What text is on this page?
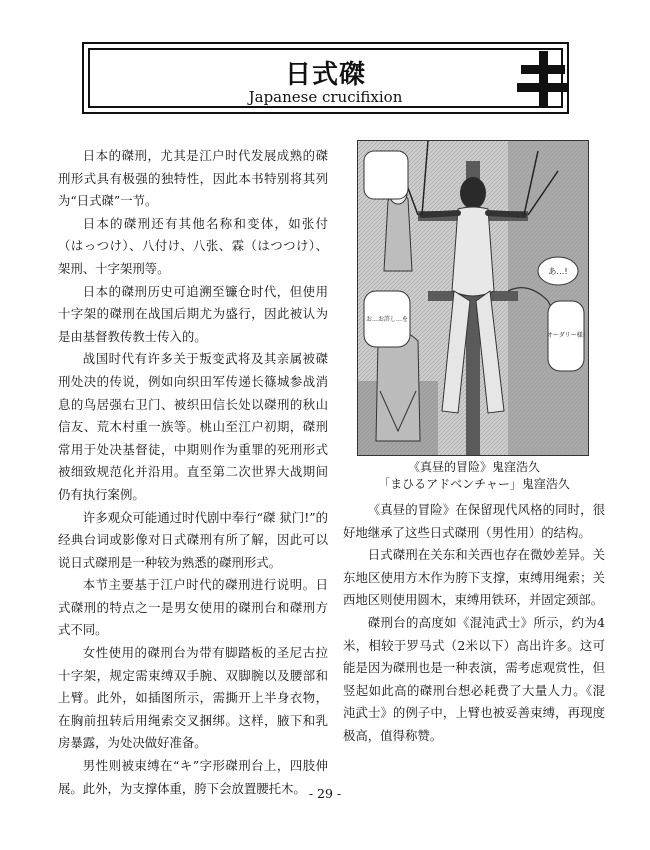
日式磔
Japanese crucifixion

日本的磔刑，尤其是江户时代发展成熟的磔刑形式具有极强的独特性，因此本书特别将其列为“日式磔”一节。

日本的磔刑还有其他名称和变体，如张付（はっつけ）、八付け、八张、霖（はつつけ）、架刑、十字架刑等。

日本的磔刑历史可追溯至镰仓时代，但使用十字架的磔刑在战国后期尤为盛行，因此被认为是由基督教传教士传入的。

战国时代有许多关于叛变武将及其亲属被磔刑处决的传说，例如向织田军传递长篠城参战消息的鸟居强右卫门、被织田信长处以磔刑的秋山信友、荒木村重一族等。桃山至江户初期，磔刑常用于处决基督徒，中期则作为重罪的死刑形式被细致规范化并沿用。直至第二次世界大战期间仍有执行案例。

许多观众可能通过时代剧中奉行“磔 狱门!”的经典台词或影像对日式磔刑有所了解，因此可以说日式磔刑是一种较为熟悉的磔刑形式。

本节主要基于江户时代的磔刑进行说明。日式磔刑的特点之一是男女使用的磔刑台和磔刑方式不同。

女性使用的磔刑台为带有脚踏板的圣尼古拉十字架，规定需束缚双手腕、双脚腕以及腰部和上臂。此外，如插图所示，需撕开上半身衣物，在胸前扭转后用绳索交叉捆绑。这样，腋下和乳房暴露，为处决做好准备。

男性则被束缚在“キ”字形磔刑台上，四肢伸展。此外，为支撑体重，胯下会放置腰托木。

あ…!
オーダリー様!
お…お許し…を
《真昼的冒险》鬼窪浩久
「まひるアドベンチャー」鬼窪浩久

《真昼的冒险》在保留现代风格的同时，很好地继承了这些日式磔刑（男性用）的结构。

日式磔刑在关东和关西也存在微妙差异。关东地区使用方木作为胯下支撑，束缚用绳索；关西地区则使用圆木，束缚用铁环，并固定颈部。

磔刑台的高度如《混沌武士》所示，约为4米，相较于罗马式（2米以下）高出许多。这可能是因为磔刑也是一种表演，需考虑观赏性，但竖起如此高的磔刑台想必耗费了大量人力。《混沌武士》的例子中，上臂也被妥善束缚，再现度极高，值得称赞。

- 29 -
